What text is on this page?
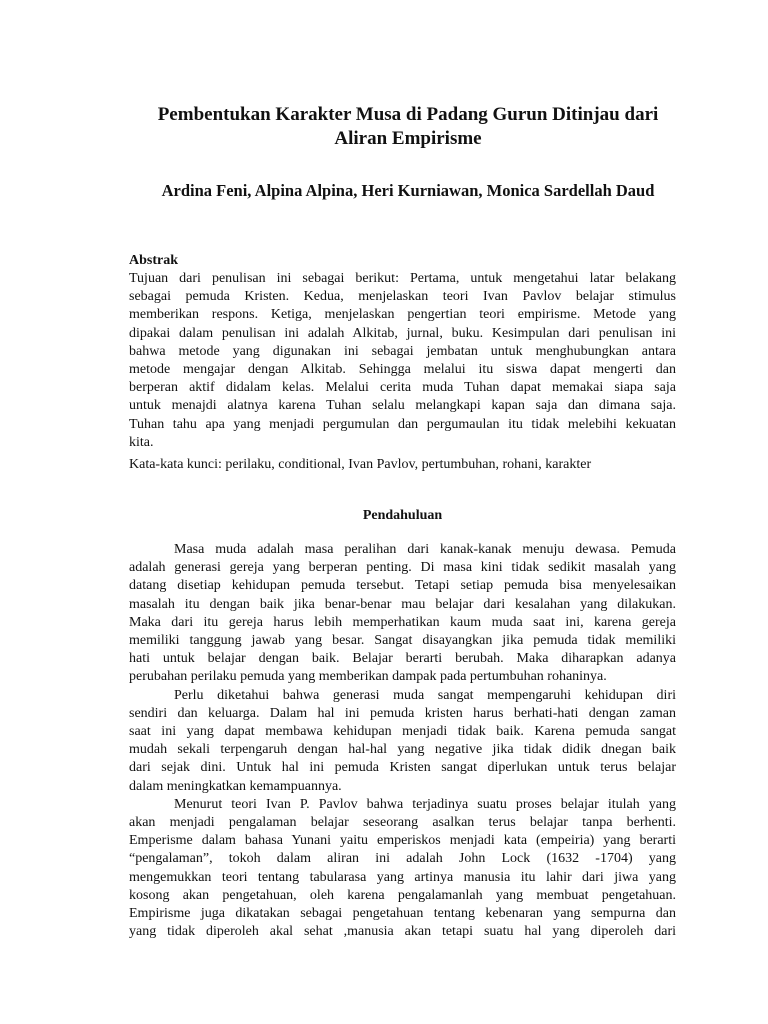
Pembentukan Karakter Musa di Padang Gurun Ditinjau dari
Aliran Empirisme
Ardina Feni, Alpina Alpina, Heri Kurniawan, Monica Sardellah Daud
Abstrak
Tujuan dari penulisan ini sebagai berikut: Pertama, untuk mengetahui latar belakang
sebagai pemuda Kristen. Kedua, menjelaskan teori Ivan Pavlov belajar stimulus
memberikan respons. Ketiga, menjelaskan pengertian teori empirisme. Metode yang
dipakai dalam penulisan ini adalah Alkitab, jurnal, buku. Kesimpulan dari penulisan ini
bahwa metode yang digunakan ini sebagai jembatan untuk menghubungkan antara
metode mengajar dengan Alkitab. Sehingga melalui itu siswa dapat mengerti dan
berperan aktif didalam kelas. Melalui cerita muda Tuhan dapat memakai siapa saja
untuk menajdi alatnya karena Tuhan selalu melangkapi kapan saja dan dimana saja.
Tuhan tahu apa yang menjadi pergumulan dan pergumaulan itu tidak melebihi kekuatan
kita.
Kata-kata kunci: perilaku, conditional, Ivan Pavlov, pertumbuhan, rohani, karakter
Pendahuluan

Masa muda adalah masa peralihan dari kanak-kanak menuju dewasa. Pemuda
adalah generasi gereja yang berperan penting. Di masa kini tidak sedikit masalah yang
datang disetiap kehidupan pemuda tersebut. Tetapi setiap pemuda bisa menyelesaikan
masalah itu dengan baik jika benar-benar mau belajar dari kesalahan yang dilakukan.
Maka dari itu gereja harus lebih memperhatikan kaum muda saat ini, karena gereja
memiliki tanggung jawab yang besar. Sangat disayangkan jika pemuda tidak memiliki
hati untuk belajar dengan baik. Belajar berarti berubah. Maka diharapkan adanya
perubahan perilaku pemuda yang memberikan dampak pada pertumbuhan rohaninya.

Perlu diketahui bahwa generasi muda sangat mempengaruhi kehidupan diri
sendiri dan keluarga. Dalam hal ini pemuda kristen harus berhati-hati dengan zaman
saat ini yang dapat membawa kehidupan menjadi tidak baik. Karena pemuda sangat
mudah sekali terpengaruh dengan hal-hal yang negative jika tidak didik dnegan baik
dari sejak dini. Untuk hal ini pemuda Kristen sangat diperlukan untuk terus belajar
dalam meningkatkan kemampuannya.

Menurut teori Ivan P. Pavlov bahwa terjadinya suatu proses belajar itulah yang
akan menjadi pengalaman belajar seseorang asalkan terus belajar tanpa berhenti.
Emperisme dalam bahasa Yunani yaitu emperiskos menjadi kata (empeiria) yang berarti
“pengalaman”, tokoh dalam aliran ini adalah John Lock (1632 -1704) yang
mengemukkan teori tentang tabularasa yang artinya manusia itu lahir dari jiwa yang
kosong akan pengetahuan, oleh karena pengalamanlah yang membuat pengetahuan.
Empirisme juga dikatakan sebagai pengetahuan tentang kebenaran yang sempurna dan
yang tidak diperoleh akal sehat ,manusia akan tetapi suatu hal yang diperoleh dari
